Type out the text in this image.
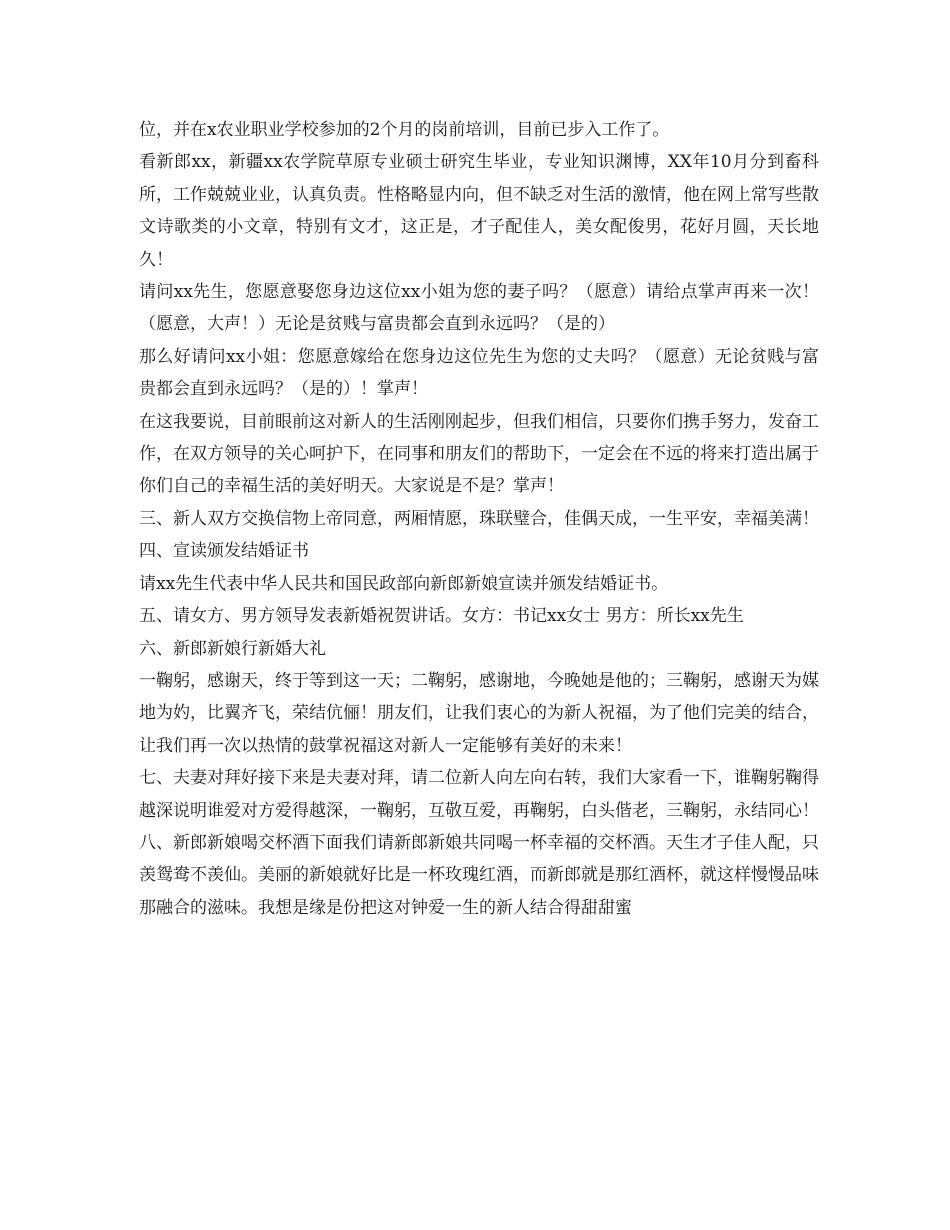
位，并在x农业职业学校参加的2个月的岗前培训，目前已步入工作了。

看新郎xx，新疆xx农学院草原专业硕士研究生毕业，专业知识渊博，XX年10月分到畜科所，工作兢兢业业，认真负责。性格略显内向，但不缺乏对生活的激情，他在网上常写些散文诗歌类的小文章，特别有文才，这正是，才子配佳人，美女配俊男，花好月圆，天长地久！

请问xx先生，您愿意娶您身边这位xx小姐为您的妻子吗？（愿意）请给点掌声再来一次！（愿意，大声！）无论是贫贱与富贵都会直到永远吗？（是的）

那么好请问xx小姐：您愿意嫁给在您身边这位先生为您的丈夫吗？（愿意）无论贫贱与富贵都会直到永远吗？（是的）！掌声！

在这我要说，目前眼前这对新人的生活刚刚起步，但我们相信，只要你们携手努力，发奋工作，在双方领导的关心呵护下，在同事和朋友们的帮助下，一定会在不远的将来打造出属于你们自己的幸福生活的美好明天。大家说是不是？掌声！

三、新人双方交换信物上帝同意，两厢情愿，珠联璧合，佳偶天成，一生平安，幸福美满！

四、宣读颁发结婚证书

请xx先生代表中华人民共和国民政部向新郎新娘宣读并颁发结婚证书。

五、请女方、男方领导发表新婚祝贺讲话。女方：书记xx女士 男方：所长xx先生

六、新郎新娘行新婚大礼

一鞠躬，感谢天，终于等到这一天；二鞠躬，感谢地，今晚她是他的；三鞠躬，感谢天为媒地为妁，比翼齐飞，荣结伉俪！朋友们，让我们衷心的为新人祝福，为了他们完美的结合，让我们再一次以热情的鼓掌祝福这对新人一定能够有美好的未来！

七、夫妻对拜好接下来是夫妻对拜，请二位新人向左向右转，我们大家看一下，谁鞠躬鞠得越深说明谁爱对方爱得越深，一鞠躬，互敬互爱，再鞠躬，白头偕老，三鞠躬，永结同心！

八、新郎新娘喝交杯酒下面我们请新郎新娘共同喝一杯幸福的交杯酒。天生才子佳人配，只羡鸳鸯不羡仙。美丽的新娘就好比是一杯玫瑰红酒，而新郎就是那红酒杯，就这样慢慢品味那融合的滋味。我想是缘是份把这对钟爱一生的新人结合得甜甜蜜
